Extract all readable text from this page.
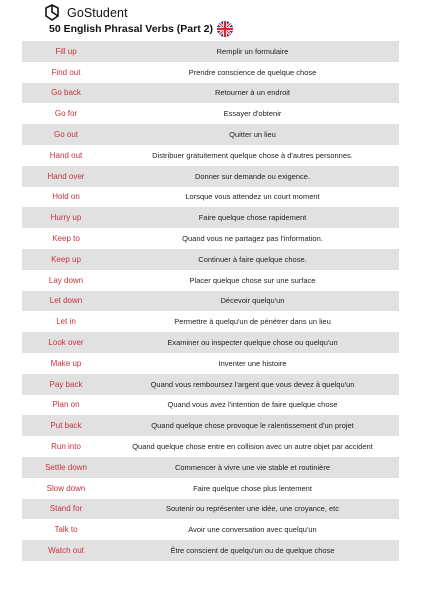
GoStudent
50 English Phrasal Verbs (Part 2)
Fill up	Remplir un formulaire
Find out	Prendre conscience de quelque chose
Go back	Retourner à un endroit
Go for	Essayer d'obtenir
Go out	Quitter un lieu
Hand out	Distribuer gratuitement quelque chose à d'autres personnes.
Hand over	Donner sur demande ou exigence.
Hold on	Lorsque vous attendez un court moment
Hurry up	Faire quelque chose rapidement
Keep to	Quand vous ne partagez pas l'information.
Keep up	Continuer à faire quelque chose.
Lay down	Placer quelque chose sur une surface
Let down	Décevoir quelqu'un
Let in	Permettre à quelqu'un de pénétrer dans un lieu
Look over	Examiner ou inspecter quelque chose ou quelqu'un
Make up	Inventer une histoire
Pay back	Quand vous remboursez l'argent que vous devez à quelqu'un
Plan on	Quand vous avez l'intention de faire quelque chose
Put back	Quand quelque chose provoque le ralentissement d'un projet
Run into	Quand quelque chose entre en collision avec un autre objet par accident
Settle down	Commencer à vivre une vie stable et routinière
Slow down	Faire quelque chose plus lentement
Stand for	Soutenir ou représenter une idée, une croyance, etc
Talk to	Avoir une conversation avec quelqu'un
Watch out	Être conscient de quelqu'un ou de quelque chose
